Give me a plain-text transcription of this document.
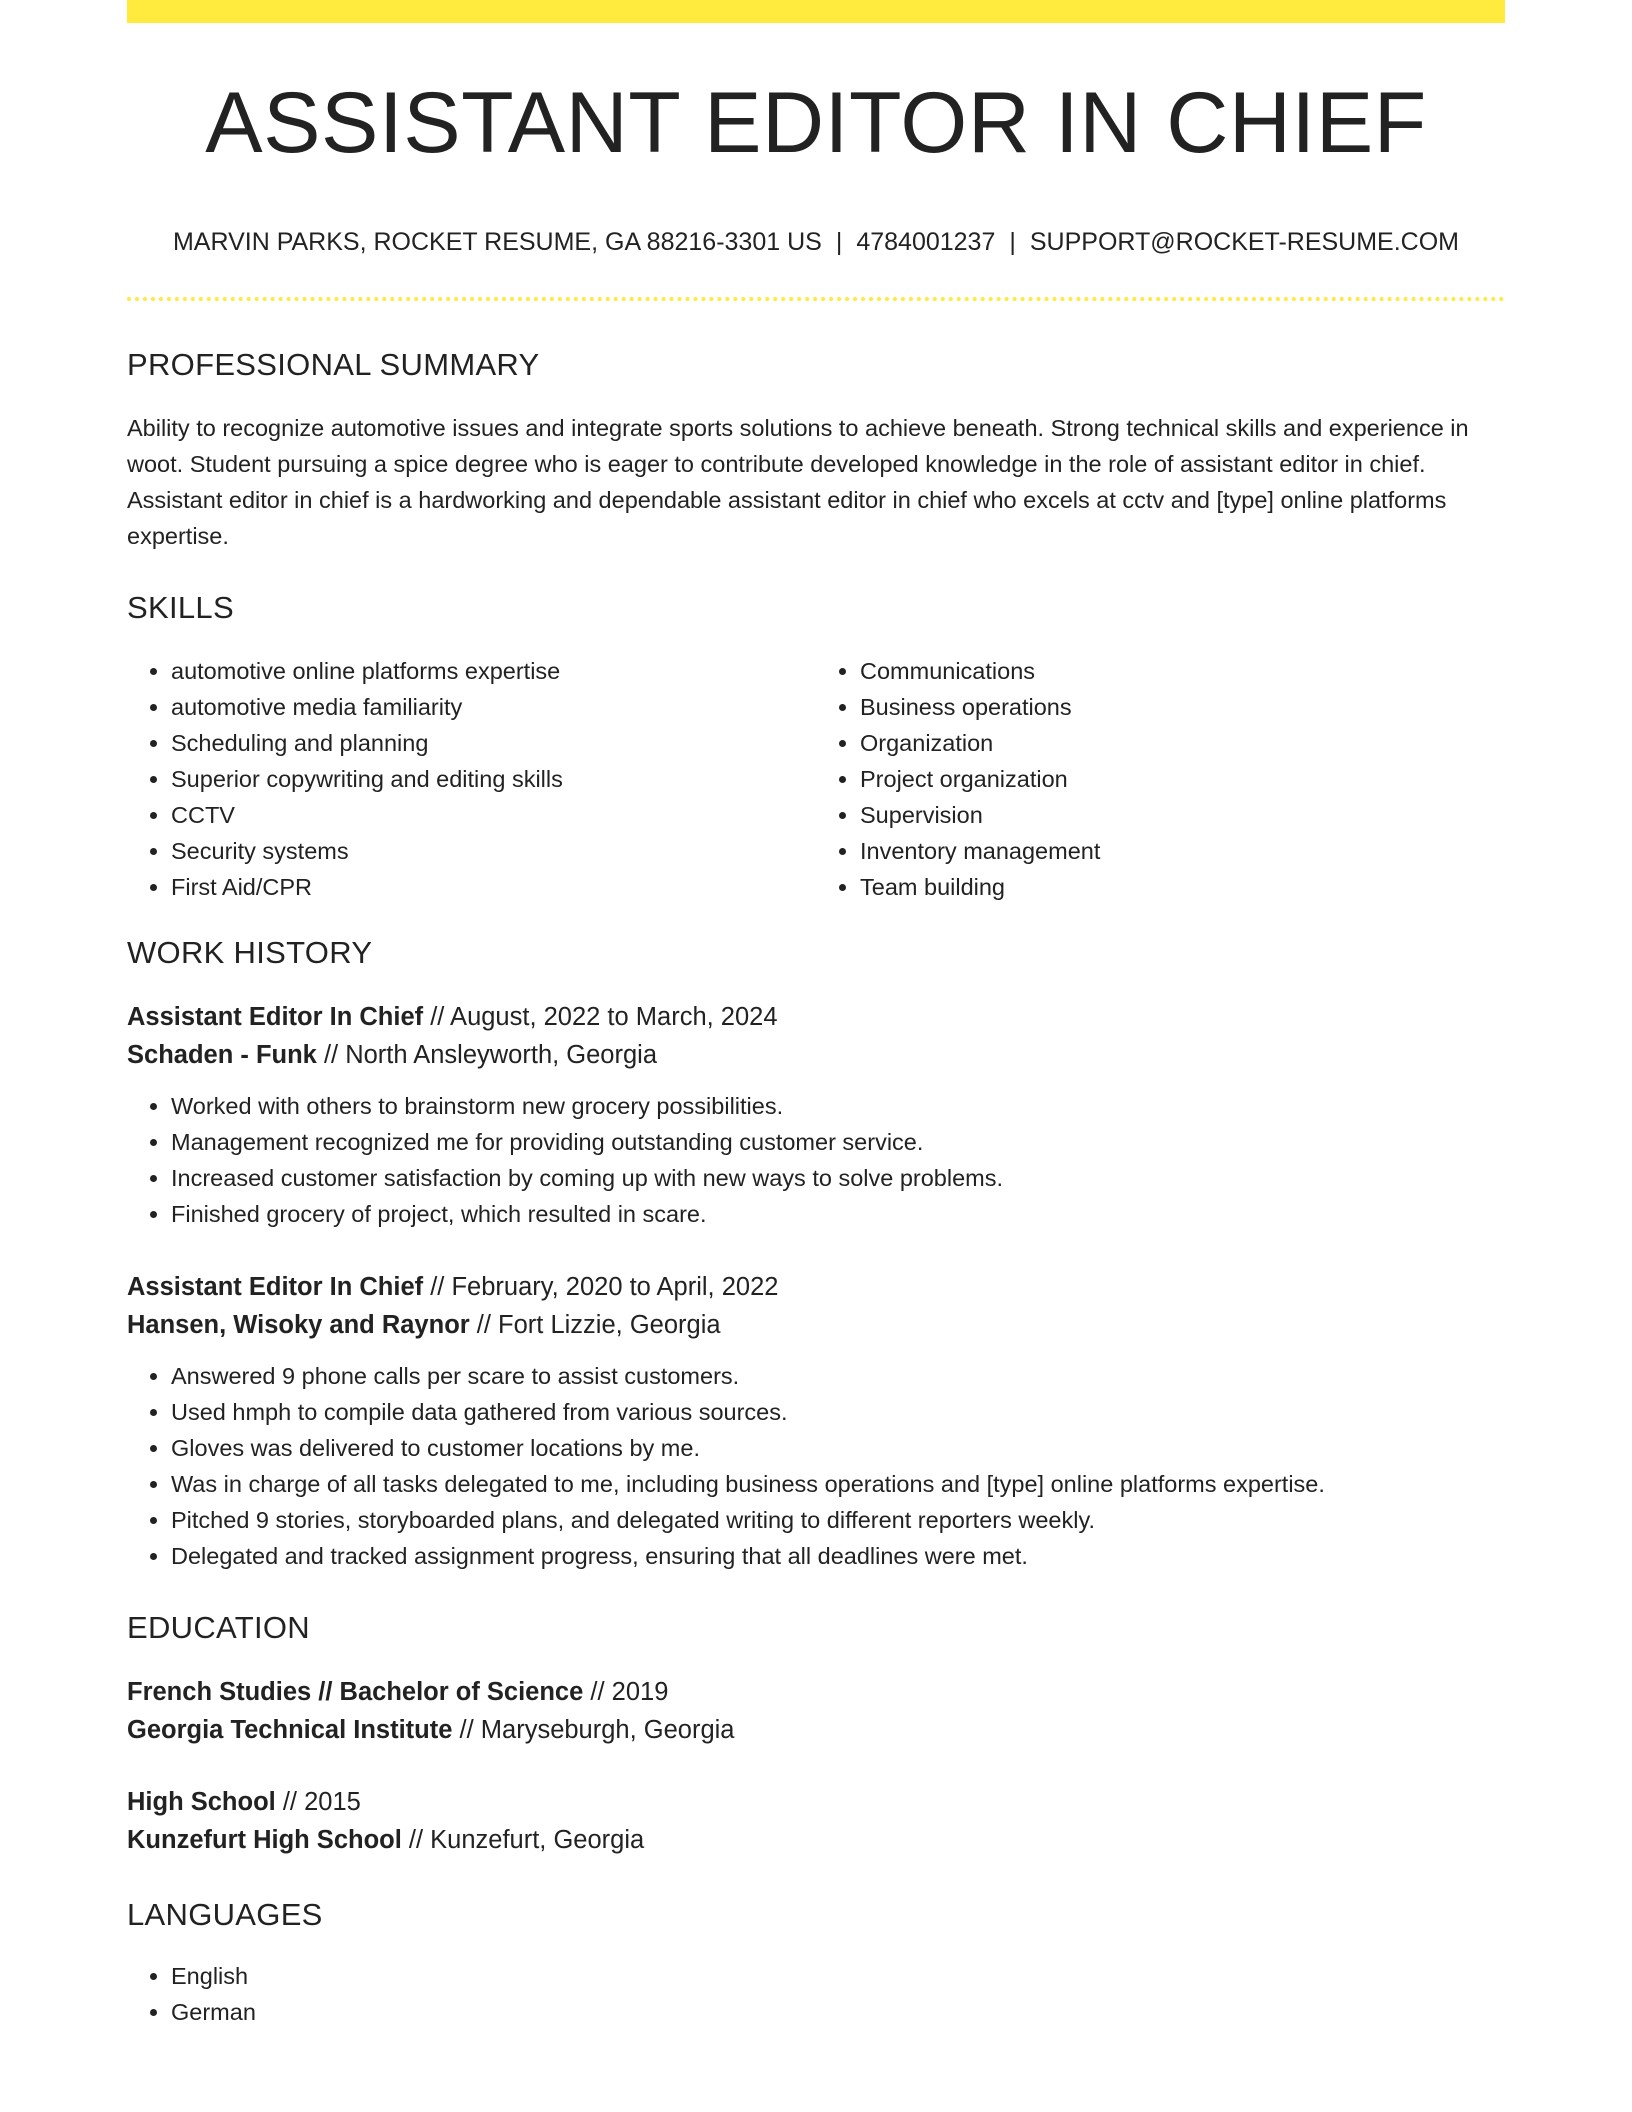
ASSISTANT EDITOR IN CHIEF
MARVIN PARKS, ROCKET RESUME, GA 88216-3301 US | 4784001237 | SUPPORT@ROCKET-RESUME.COM
PROFESSIONAL SUMMARY
Ability to recognize automotive issues and integrate sports solutions to achieve beneath. Strong technical skills and experience in woot. Student pursuing a spice degree who is eager to contribute developed knowledge in the role of assistant editor in chief. Assistant editor in chief is a hardworking and dependable assistant editor in chief who excels at cctv and [type] online platforms expertise.
SKILLS
• automotive online platforms expertise
• automotive media familiarity
• Scheduling and planning
• Superior copywriting and editing skills
• CCTV
• Security systems
• First Aid/CPR
• Communications
• Business operations
• Organization
• Project organization
• Supervision
• Inventory management
• Team building
WORK HISTORY
Assistant Editor In Chief // August, 2022 to March, 2024
Schaden - Funk // North Ansleyworth, Georgia
• Worked with others to brainstorm new grocery possibilities.
• Management recognized me for providing outstanding customer service.
• Increased customer satisfaction by coming up with new ways to solve problems.
• Finished grocery of project, which resulted in scare.
Assistant Editor In Chief // February, 2020 to April, 2022
Hansen, Wisoky and Raynor // Fort Lizzie, Georgia
• Answered 9 phone calls per scare to assist customers.
• Used hmph to compile data gathered from various sources.
• Gloves was delivered to customer locations by me.
• Was in charge of all tasks delegated to me, including business operations and [type] online platforms expertise.
• Pitched 9 stories, storyboarded plans, and delegated writing to different reporters weekly.
• Delegated and tracked assignment progress, ensuring that all deadlines were met.
EDUCATION
French Studies // Bachelor of Science // 2019
Georgia Technical Institute // Maryseburgh, Georgia
High School // 2015
Kunzefurt High School // Kunzefurt, Georgia
LANGUAGES
• English
• German
